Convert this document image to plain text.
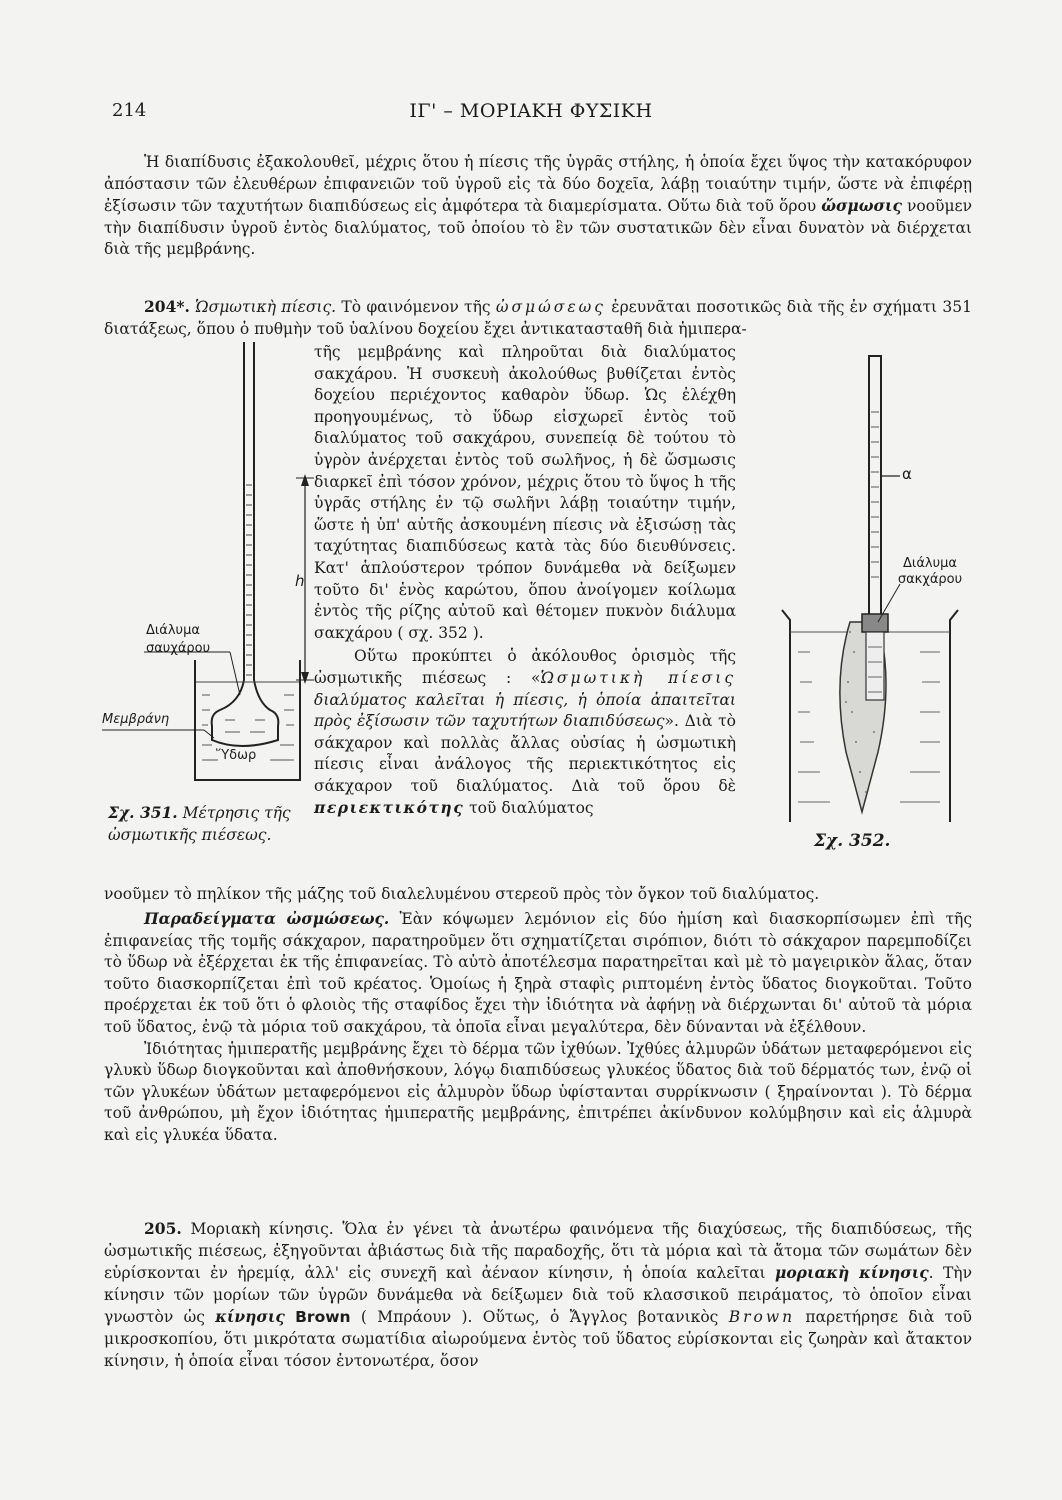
214	ΙΓ' – ΜΟΡΙΑΚΗ ΦΥΣΙΚΗ

Ἡ διαπίδυσις ἐξακολουθεῖ, μέχρις ὅτου ἡ πίεσις τῆς ὑγρᾶς στήλης, ἡ ὁποία ἔχει ὕψος τὴν κατακόρυφον ἀπόστασιν τῶν ἐλευθέρων ἐπιφανειῶν τοῦ ὑγροῦ εἰς τὰ δύο δοχεῖα, λάβῃ τοιαύτην τιμήν, ὥστε νὰ ἐπιφέρῃ ἐξίσωσιν τῶν ταχυτήτων διαπιδύσεως εἰς ἀμφότερα τὰ διαμερίσματα. Οὕτω διὰ τοῦ ὅρου ὤσμωσις νοοῦμεν τὴν διαπίδυσιν ὑγροῦ ἐντὸς διαλύματος, τοῦ ὁποίου τὸ ἓν τῶν συστατικῶν δὲν εἶναι δυνατὸν νὰ διέρχεται διὰ τῆς μεμβράνης.

204*. Ὡσμωτικὴ πίεσις. Τὸ φαινόμενον τῆς ὠσμώσεως ἐρευνᾶται ποσοτικῶς διὰ τῆς ἐν σχήματι 351 διατάξεως, ὅπου ὁ πυθμὴν τοῦ ὑαλίνου δοχείου ἔχει ἀντικατασταθῆ διὰ ἡμιπερα-

τῆς μεμβράνης καὶ πληροῦται διὰ διαλύματος σακχάρου. Ἡ συσκευὴ ἀκολούθως βυθίζεται ἐντὸς δοχείου περιέχοντος καθαρὸν ὕδωρ. Ὡς ἐλέχθη προηγουμένως, τὸ ὕδωρ εἰσχωρεῖ ἐντὸς τοῦ διαλύματος τοῦ σακχάρου, συνεπείᾳ δὲ τούτου τὸ ὑγρὸν ἀνέρχεται ἐντὸς τοῦ σωλῆνος, ἡ δὲ ὤσμωσις διαρκεῖ ἐπὶ τόσον χρόνον, μέχρις ὅτου τὸ ὕψος h τῆς ὑγρᾶς στήλης ἐν τῷ σωλῆνι λάβῃ τοιαύτην τιμήν, ὥστε ἡ ὑπ' αὐτῆς ἀσκουμένη πίεσις νὰ ἐξισώσῃ τὰς ταχύτητας διαπιδύσεως κατὰ τὰς δύο διευθύνσεις. Κατ' ἁπλούστερον τρόπον δυνάμεθα νὰ δείξωμεν τοῦτο δι' ἑνὸς καρώτου, ὅπου ἀνοίγομεν κοίλωμα ἐντὸς τῆς ρίζης αὐτοῦ καὶ θέτομεν πυκνὸν διάλυμα σακχάρου ( σχ. 352 ).

Οὕτω προκύπτει ὁ ἀκόλουθος ὁρισμὸς τῆς ὠσμωτικῆς πιέσεως : «Ὡσμωτικὴ πίεσις διαλύματος καλεῖται ἡ πίεσις, ἡ ὁποία ἀπαιτεῖται πρὸς ἐξίσωσιν τῶν ταχυτήτων διαπιδύσεως». Διὰ τὸ σάκχαρον καὶ πολλὰς ἄλλας οὐσίας ἡ ὠσμωτικὴ πίεσις εἶναι ἀνάλογος τῆς περιεκτικότητος εἰς σάκχαρον τοῦ διαλύματος. Διὰ τοῦ ὅρου δὲ περιεκτικότης τοῦ διαλύματος

νοοῦμεν τὸ πηλίκον τῆς μάζης τοῦ διαλελυμένου στερεοῦ πρὸς τὸν ὄγκον τοῦ διαλύματος.

Παραδείγματα ὠσμώσεως. Ἐὰν κόψωμεν λεμόνιον εἰς δύο ἡμίση καὶ διασκορπίσωμεν ἐπὶ τῆς ἐπιφανείας τῆς τομῆς σάκχαρον, παρατηροῦμεν ὅτι σχηματίζεται σιρόπιον, διότι τὸ σάκχαρον παρεμποδίζει τὸ ὕδωρ νὰ ἐξέρχεται ἐκ τῆς ἐπιφανείας. Τὸ αὐτὸ ἀποτέλεσμα παρατηρεῖται καὶ μὲ τὸ μαγειρικὸν ἅλας, ὅταν τοῦτο διασκορπίζεται ἐπὶ τοῦ κρέατος. Ὁμοίως ἡ ξηρὰ σταφὶς ριπτομένη ἐντὸς ὕδατος διογκοῦται. Τοῦτο προέρχεται ἐκ τοῦ ὅτι ὁ φλοιὸς τῆς σταφίδος ἔχει τὴν ἰδιότητα νὰ ἀφήνῃ νὰ διέρχωνται δι' αὐτοῦ τὰ μόρια τοῦ ὕδατος, ἐνῷ τὰ μόρια τοῦ σακχάρου, τὰ ὁποῖα εἶναι μεγαλύτερα, δὲν δύνανται νὰ ἐξέλθουν.

Ἰδιότητας ἡμιπερατῆς μεμβράνης ἔχει τὸ δέρμα τῶν ἰχθύων. Ἰχθύες ἁλμυρῶν ὑδάτων μεταφερόμενοι εἰς γλυκὺ ὕδωρ διογκοῦνται καὶ ἀποθνήσκουν, λόγῳ διαπιδύσεως γλυκέος ὕδατος διὰ τοῦ δέρματός των, ἐνῷ οἱ τῶν γλυκέων ὑδάτων μεταφερόμενοι εἰς ἁλμυρὸν ὕδωρ ὑφίστανται συρρίκνωσιν ( ξηραίνονται ). Τὸ δέρμα τοῦ ἀνθρώπου, μὴ ἔχον ἰδιότητας ἡμιπερατῆς μεμβράνης, ἐπιτρέπει ἀκίνδυνον κολύμβησιν καὶ εἰς ἁλμυρὰ καὶ εἰς γλυκέα ὕδατα.

205. Μοριακὴ κίνησις. Ὅλα ἐν γένει τὰ ἀνωτέρω φαινόμενα τῆς διαχύσεως, τῆς διαπιδύσεως, τῆς ὠσμωτικῆς πιέσεως, ἐξηγοῦνται ἀβιάστως διὰ τῆς παραδοχῆς, ὅτι τὰ μόρια καὶ τὰ ἄτομα τῶν σωμάτων δὲν εὑρίσκονται ἐν ἠρεμίᾳ, ἀλλ' εἰς συνεχῆ καὶ ἀέναον κίνησιν, ἡ ὁποία καλεῖται μοριακὴ κίνησις. Τὴν κίνησιν τῶν μορίων τῶν ὑγρῶν δυνάμεθα νὰ δείξωμεν διὰ τοῦ κλασσικοῦ πειράματος, τὸ ὁποῖον εἶναι γνωστὸν ὡς κίνησις Brown ( Μπράουν ). Οὕτως, ὁ Ἄγγλος βοτανικὸς Brown παρετήρησε διὰ τοῦ μικροσκοπίου, ὅτι μικρότατα σωματίδια αἰωρούμενα ἐντὸς τοῦ ὕδατος εὑρίσκονται εἰς ζωηρὰν καὶ ἄτακτον κίνησιν, ἡ ὁποία εἶναι τόσον ἐντονωτέρα, ὅσον

h
Διάλυμα σαυχάρου
Μεμβράνη
Ὕδωρ
Σχ. 351. Μέτρησις τῆς ὠσμωτικῆς πιέσεως.
α
Διάλυμα σακχάρου
Σχ. 352.
